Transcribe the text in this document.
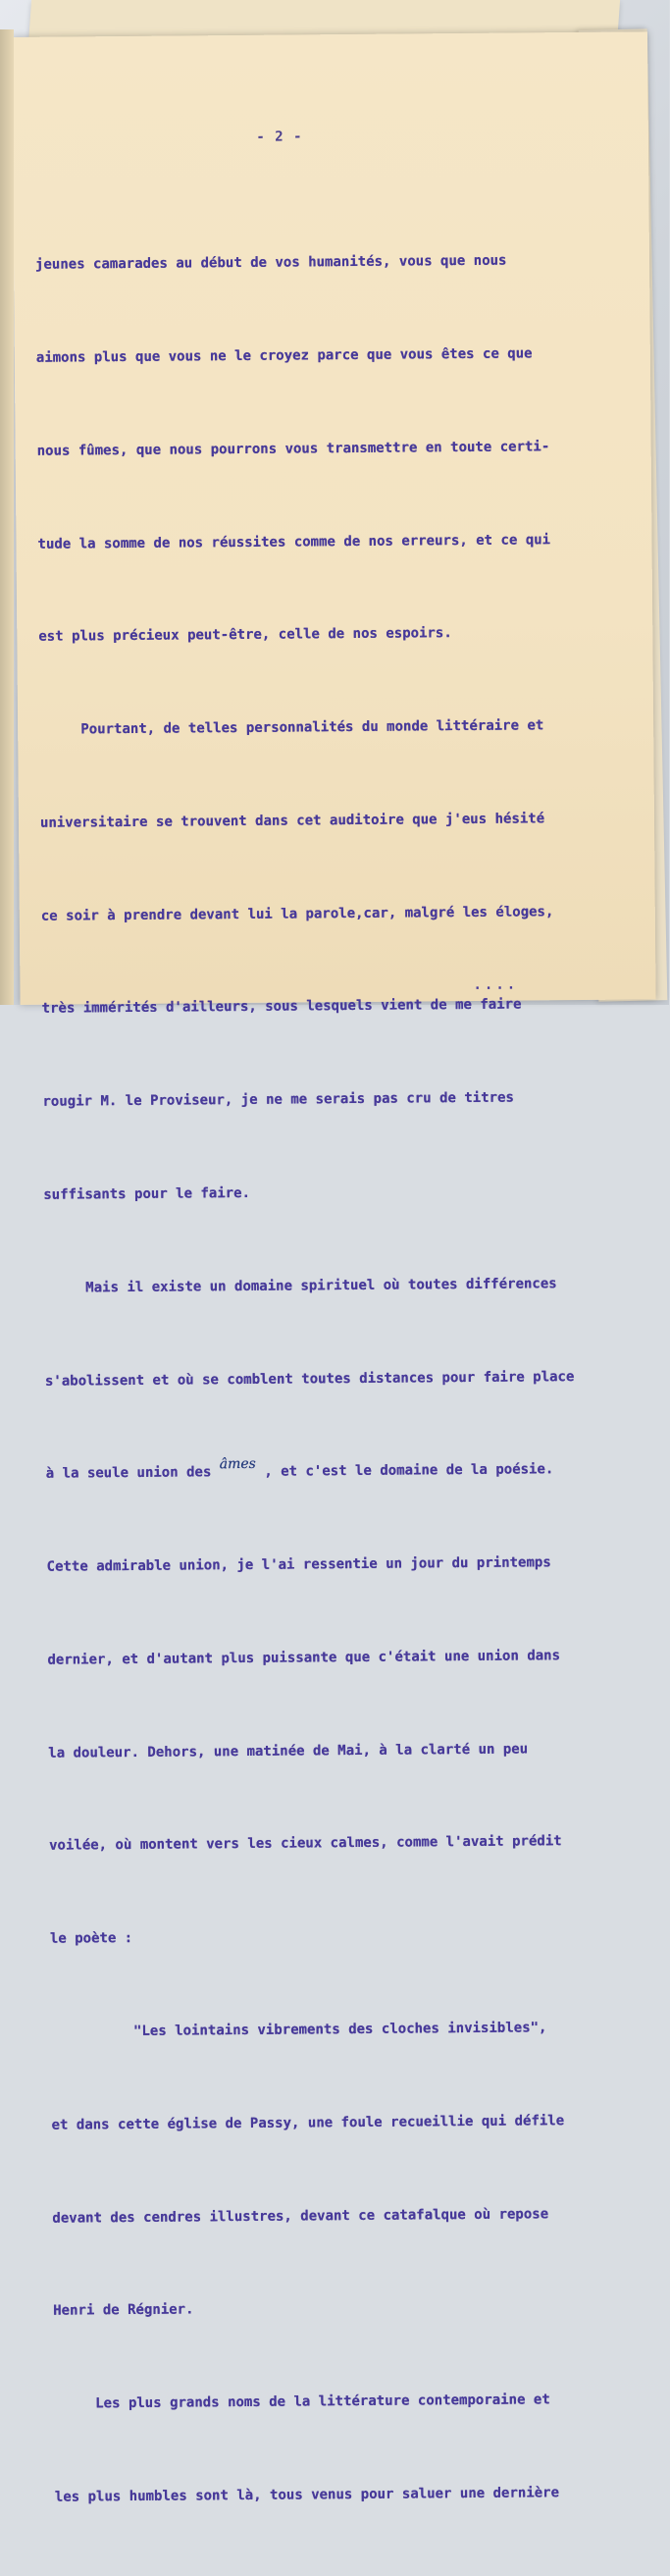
- 2 -

jeunes camarades au début de vos humanités, vous que nous

aimons plus que vous ne le croyez parce que vous êtes ce que

nous fûmes, que nous pourrons vous transmettre en toute certi-

tude la somme de nos réussites comme de nos erreurs, et ce qui

est plus précieux peut-être, celle de nos espoirs.

Pourtant, de telles personnalités du monde littéraire et

universitaire se trouvent dans cet auditoire que j'eus hésité

ce soir à prendre devant lui la parole,car, malgré les éloges,

très immérités d'ailleurs, sous lesquels vient de me faire

rougir M. le Proviseur, je ne me serais pas cru de titres

suffisants pour le faire.

Mais il existe un domaine spirituel où toutes différences

s'abolissent et où se comblent toutes distances pour faire place

à la seule union des âmes , et c'est le domaine de la poésie.

Cette admirable union, je l'ai ressentie un jour du printemps

dernier, et d'autant plus puissante que c'était une union dans

la douleur. Dehors, une matinée de Mai, à la clarté un peu

voilée, où montent vers les cieux calmes, comme l'avait prédit

le poète :

"Les lointains vibrements des cloches invisibles",

et dans cette église de Passy, une foule recueillie qui défile

devant des cendres illustres, devant ce catafalque où repose

Henri de Régnier.

Les plus grands noms de la littérature contemporaine et

les plus humbles sont là, tous venus pour saluer une dernière

....
